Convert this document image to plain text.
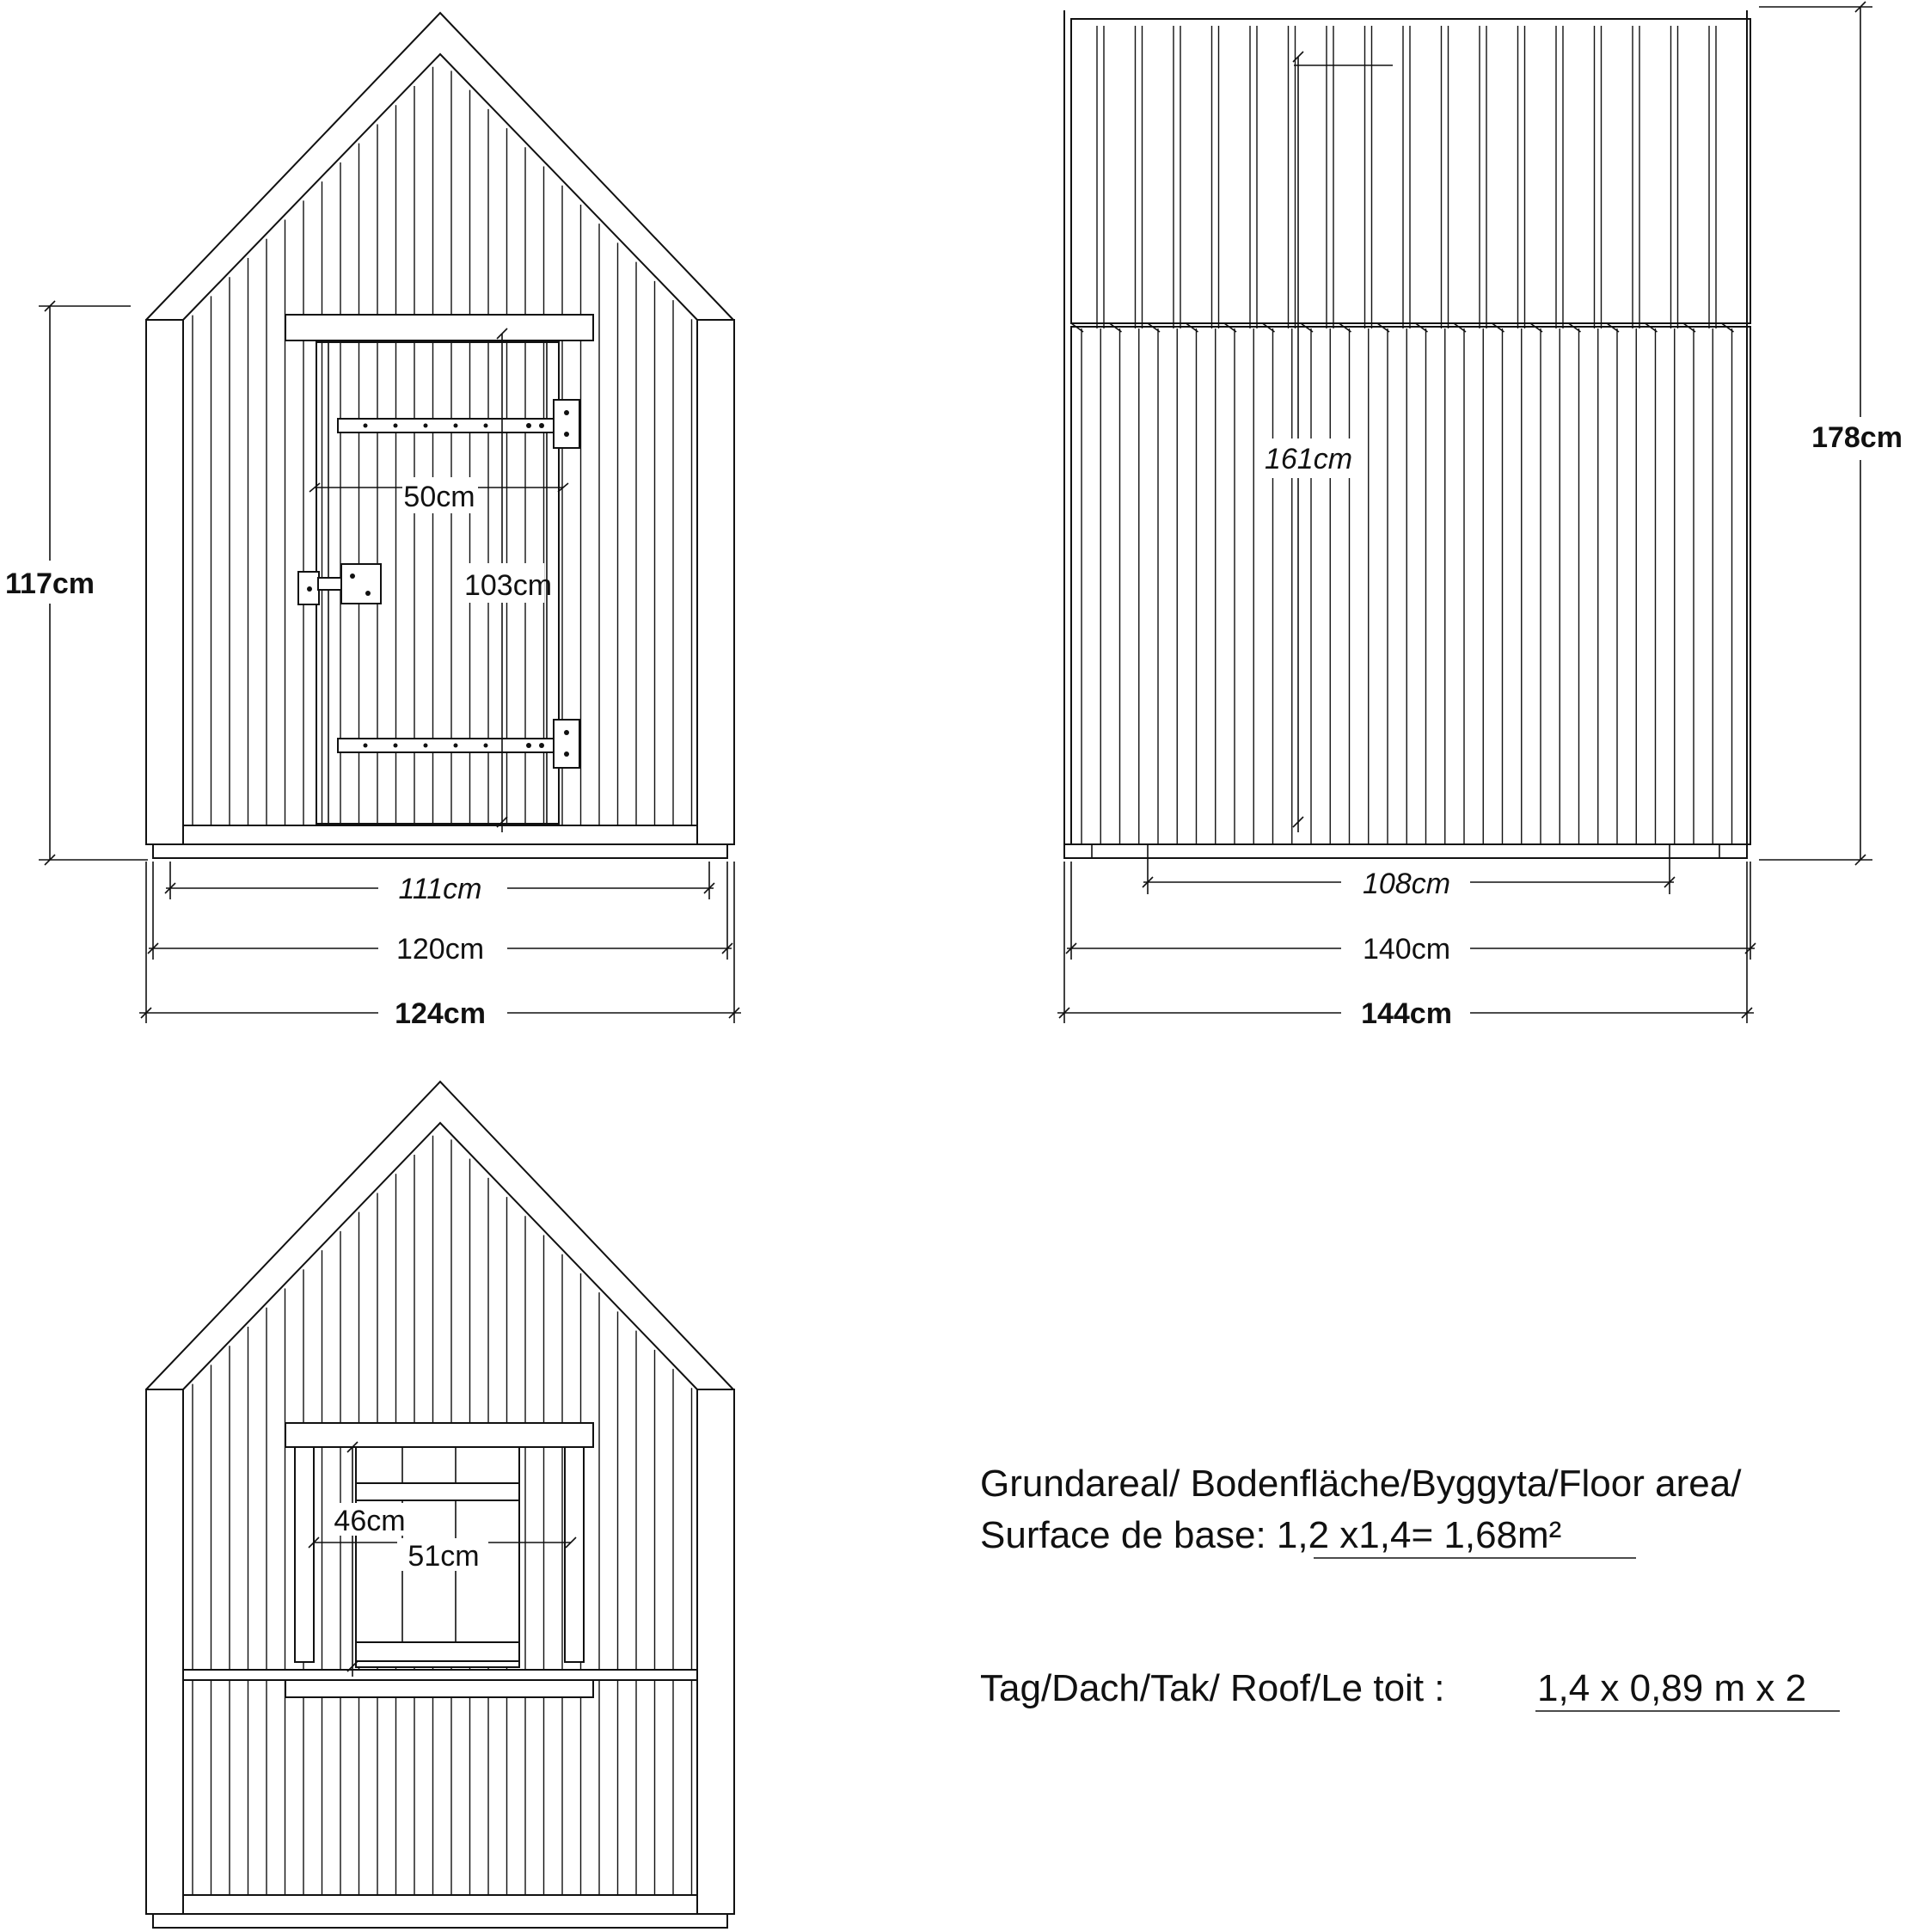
50cm
103cm
117cm
111cm
120cm
124cm
161cm
178cm
108cm
140cm
144cm
46cm
51cm
Grundareal/ Bodenfläche/Byggyta/Floor area/
Surface de base: 1,2 x1,4= 1,68m²
Tag/Dach/Tak/ Roof/Le toit : 1,4 x 0,89 m x 2
